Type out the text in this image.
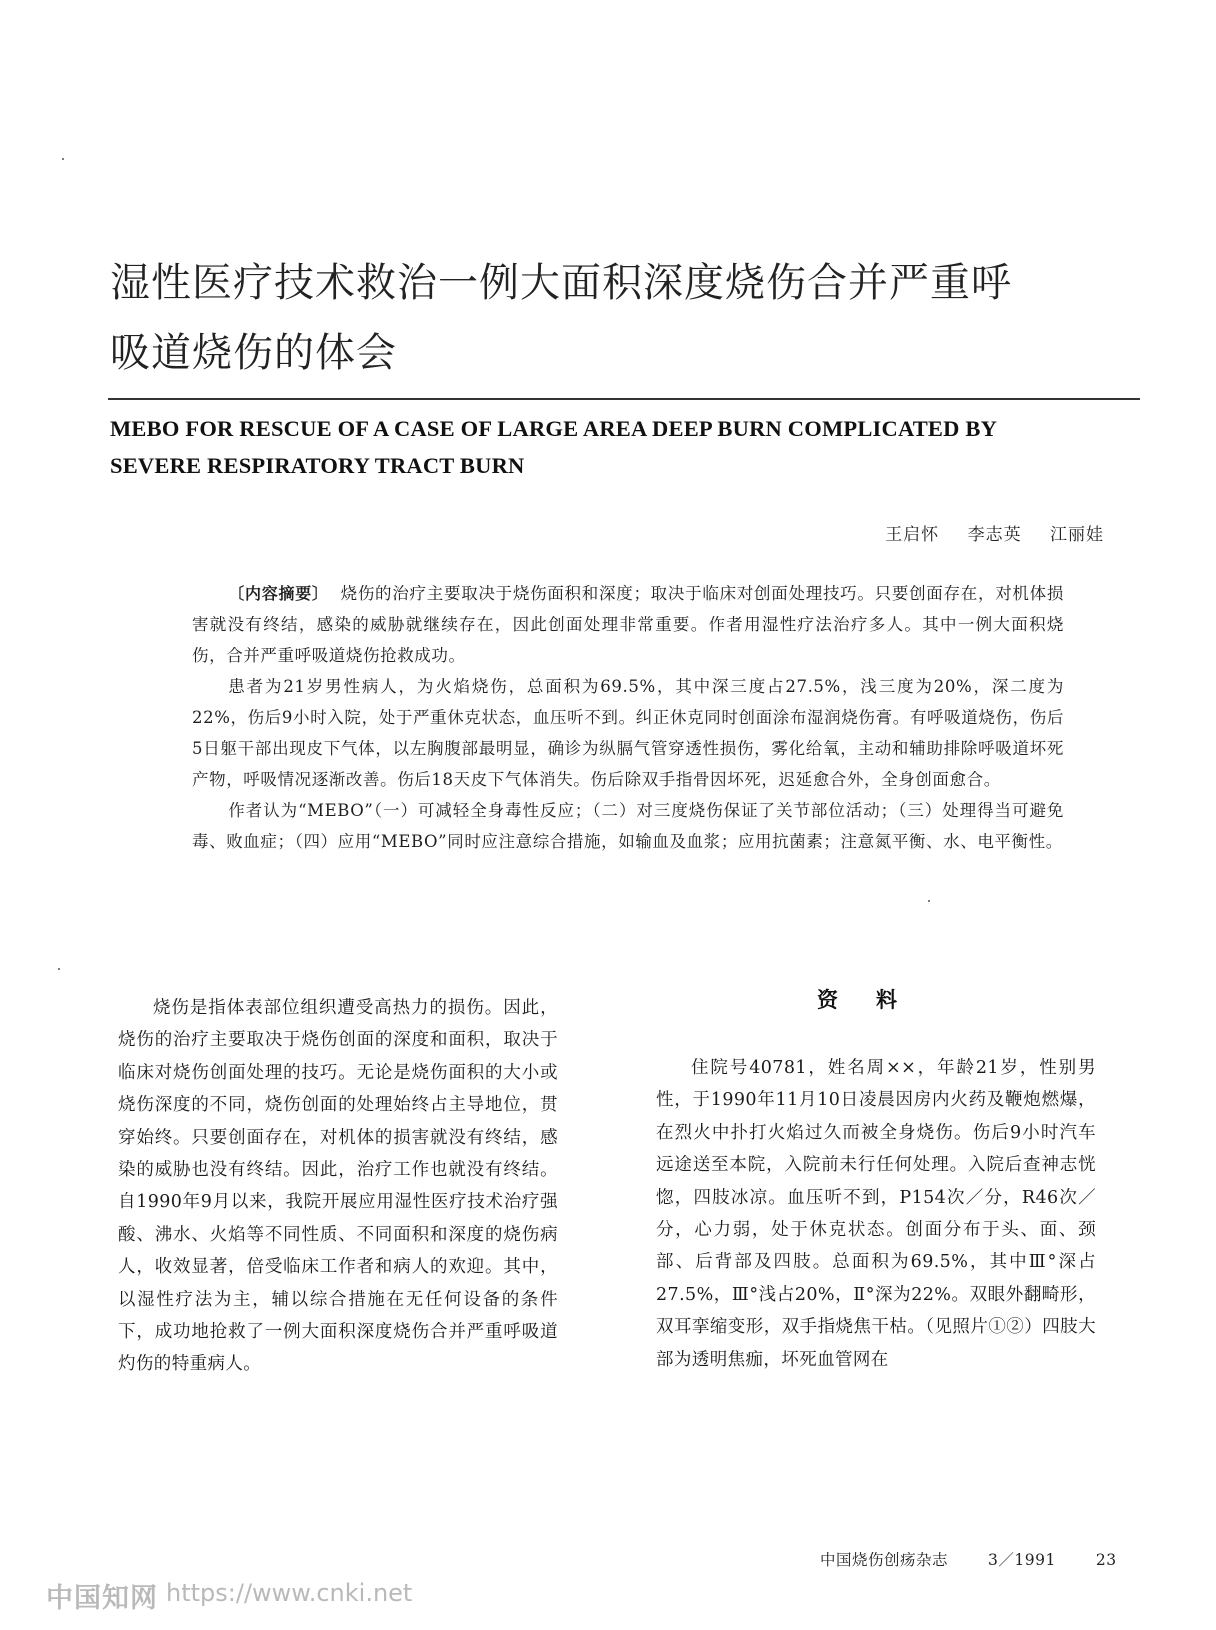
湿性医疗技术救治一例大面积深度烧伤合并严重呼
吸道烧伤的体会
MEBO FOR RESCUE OF A CASE OF LARGE AREA DEEP BURN COMPLICATED BY
SEVERE RESPIRATORY TRACT BURN
王启怀 李志英 江丽娃

〔内容摘要〕 烧伤的治疗主要取决于烧伤面积和深度；取决于临床对创面处理技巧。只要创面存在，对机体损害就没有终结，感染的威胁就继续存在，因此创面处理非常重要。作者用湿性疗法治疗多人。其中一例大面积烧伤，合并严重呼吸道烧伤抢救成功。

患者为21岁男性病人，为火焰烧伤，总面积为69.5%，其中深三度占27.5%，浅三度为20%，深二度为22%，伤后9小时入院，处于严重休克状态，血压听不到。纠正休克同时创面涂布湿润烧伤膏。有呼吸道烧伤，伤后5日躯干部出现皮下气体，以左胸腹部最明显，确诊为纵膈气管穿透性损伤，雾化给氧，主动和辅助排除呼吸道坏死产物，呼吸情况逐渐改善。伤后18天皮下气体消失。伤后除双手指骨因坏死，迟延愈合外，全身创面愈合。

作者认为“MEBO”（一）可减轻全身毒性反应；（二）对三度烧伤保证了关节部位活动；（三）处理得当可避免毒、败血症；（四）应用“MEBO”同时应注意综合措施，如输血及血浆；应用抗菌素；注意氮平衡、水、电平衡性。

烧伤是指体表部位组织遭受高热力的损伤。因此，烧伤的治疗主要取决于烧伤创面的深度和面积，取决于临床对烧伤创面处理的技巧。无论是烧伤面积的大小或烧伤深度的不同，烧伤创面的处理始终占主导地位，贯穿始终。只要创面存在，对机体的损害就没有终结，感染的威胁也没有终结。因此，治疗工作也就没有终结。自1990年9月以来，我院开展应用湿性医疗技术治疗强酸、沸水、火焰等不同性质、不同面积和深度的烧伤病人，收效显著，倍受临床工作者和病人的欢迎。其中，以湿性疗法为主，辅以综合措施在无任何设备的条件下，成功地抢救了一例大面积深度烧伤合并严重呼吸道灼伤的特重病人。

资料

住院号40781，姓名周××，年龄21岁，性别男性，于1990年11月10日凌晨因房内火药及鞭炮燃爆，在烈火中扑打火焰过久而被全身烧伤。伤后9小时汽车远途送至本院，入院前未行任何处理。入院后查神志恍惚，四肢冰凉。血压听不到，P154次／分，R46次／分，心力弱，处于休克状态。创面分布于头、面、颈部、后背部及四肢。总面积为69.5%，其中Ⅲ°深占27.5%，Ⅲ°浅占20%，Ⅱ°深为22%。双眼外翻畸形，双耳挛缩变形，双手指烧焦干枯。（见照片①②）四肢大部为透明焦痂，坏死血管网在

中国烧伤创疡杂志	3／1991	23
中国知网 https://www.cnki.net
